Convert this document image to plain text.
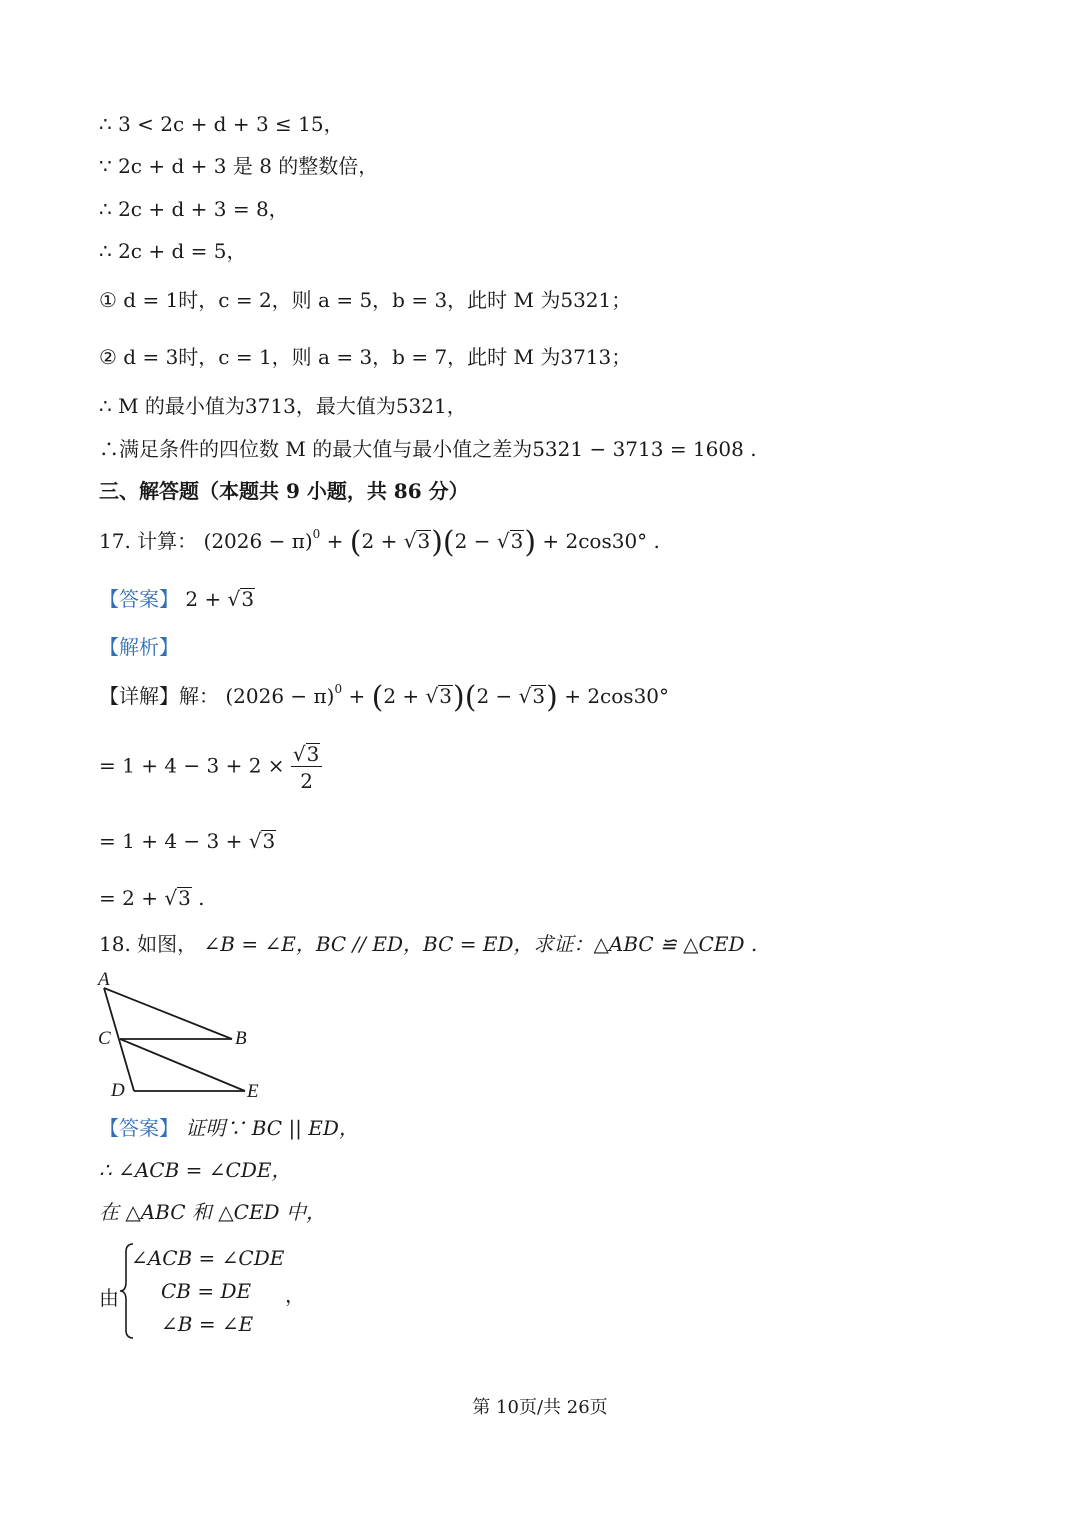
∴ 3 < 2c + d + 3 ≤ 15，
∵ 2c + d + 3 是 8 的整数倍，
∴ 2c + d + 3 = 8，
∴ 2c + d = 5，
① d = 1时，c = 2，则 a = 5，b = 3，此时 M 为5321；
② d = 3时，c = 1，则 a = 3，b = 7，此时 M 为3713；
∴ M 的最小值为3713，最大值为5321，
∴满足条件的四位数 M 的最大值与最小值之差为5321 − 3713 = 1608 .
三、解答题（本题共 9 小题，共 86 分）
17. 计算： $(2026 - \pi)^0 + (2 + √3)(2 - √3) + 2\cos 30^\circ$ .
【答案】 2 + √3
【解析】
【详解】解： $(2026 - \pi)^0 + (2 + √3)(2 - √3) + 2\cos 30^\circ$
= $1 + 4 - 3 + 2 \times \frac{√3}{2}$
= 1 + 4 − 3 + √3
= 2 + √3 .
18. 如图， ∠B = ∠E，BC // ED，BC = ED，求证：△ABC ≌ △CED .
A
C	B
D	E
【答案】 证明∵ BC || ED，
∴ ∠ACB = ∠CDE，
在 △ABC 和 △CED 中，
由
∠ACB = ∠CDE
CB = DE ，
∠B = ∠E
第 10页/共 26页
